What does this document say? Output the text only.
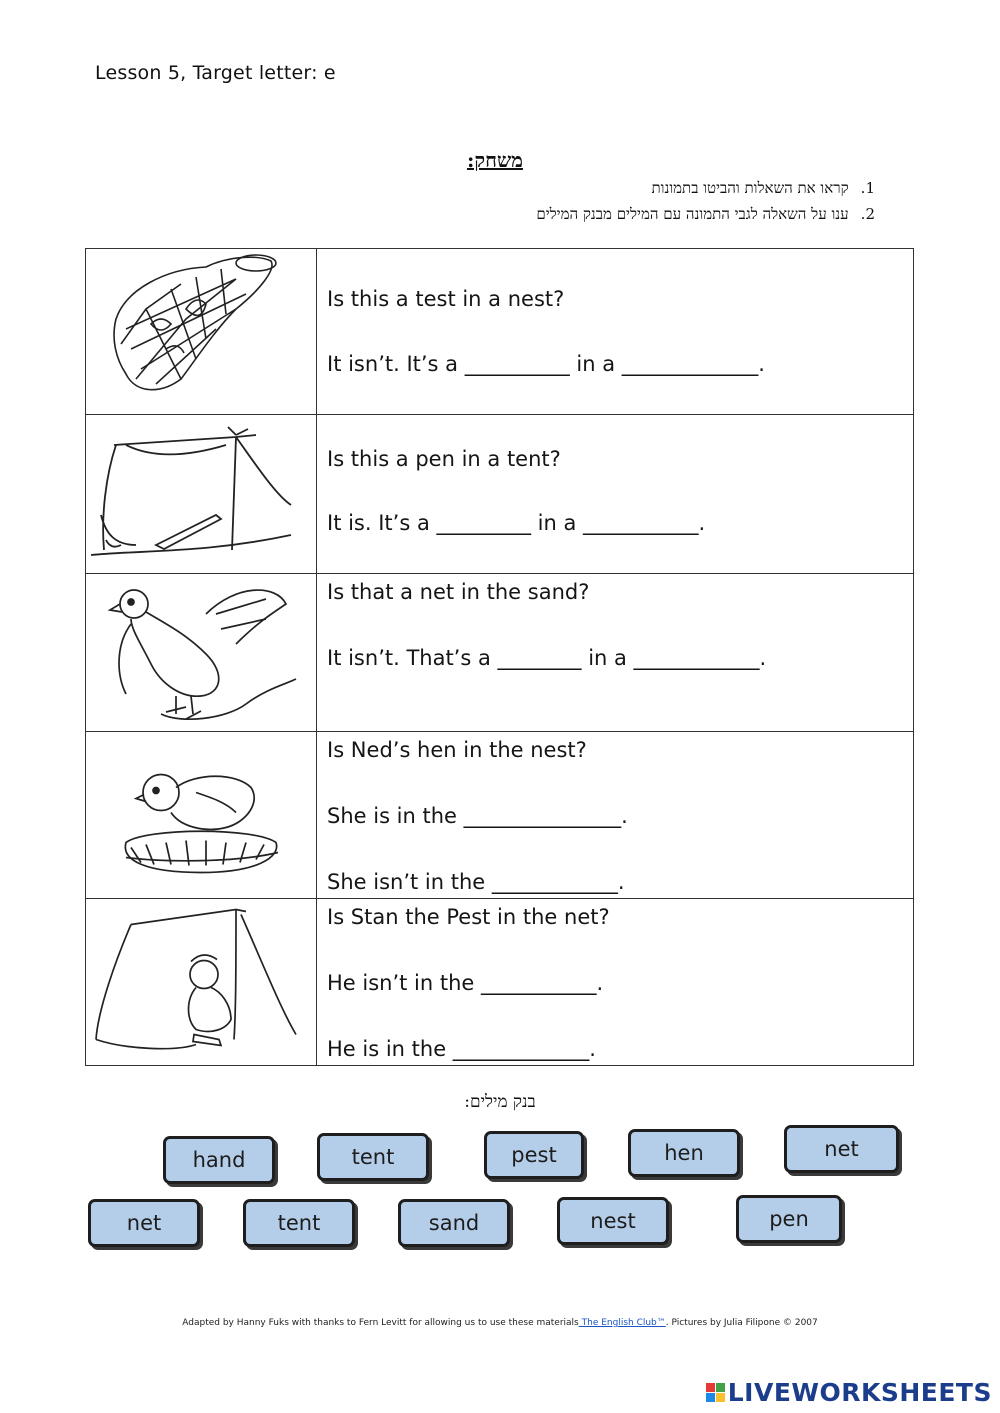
Lesson 5, Target letter: e
משחק:
1.קראו את השאלות והביטו בתמונות
2.ענו על השאלה לגבי התמונה עם המילים מבנק המילים

Is this a test in a nest?
It isn’t. It’s a __________ in a _____________.

Is this a pen in a tent?
It is. It’s a _________ in a ___________.

Is that a net in the sand?
It isn’t. That’s a ________ in a ____________.

Is Ned’s hen in the nest?
She is in the _______________.
She isn’t in the ____________.

Is Stan the Pest in the net?
He isn’t in the ___________.
He is in the _____________.
בנק מילים:
hand	tent	pest	hen	net
net	tent	sand	nest	pen
Adapted by Hanny Fuks with thanks to Fern Levitt for allowing us to use these materials The English Club™. Pictures by Julia Filipone © 2007
LIVEWORKSHEETS
